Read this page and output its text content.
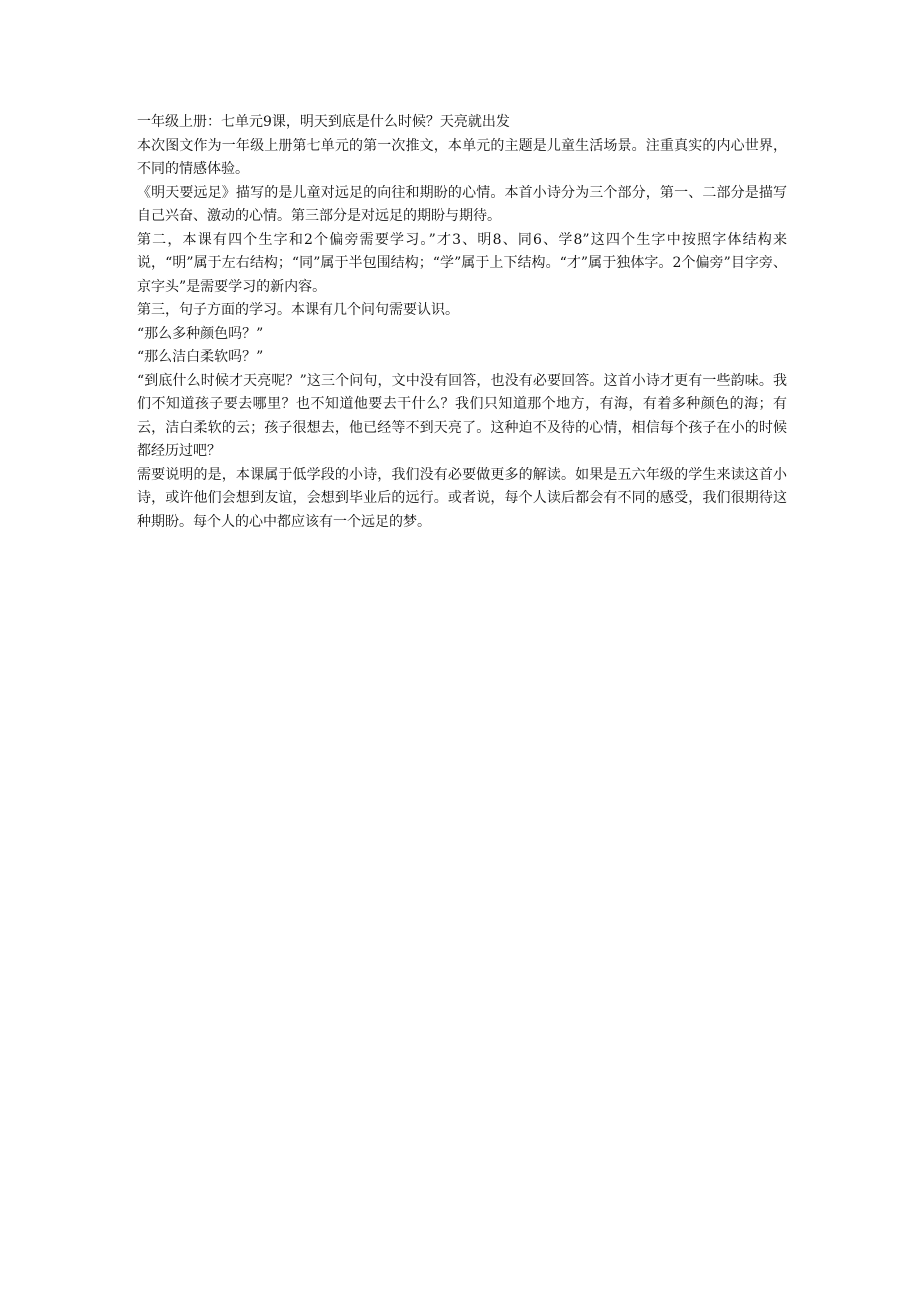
一年级上册：七单元9课，明天到底是什么时候？天亮就出发

本次图文作为一年级上册第七单元的第一次推文，本单元的主题是儿童生活场景。注重真实的内心世界，不同的情感体验。

《明天要远足》描写的是儿童对远足的向往和期盼的心情。本首小诗分为三个部分，第一、二部分是描写自己兴奋、激动的心情。第三部分是对远足的期盼与期待。

第二，本课有四个生字和2个偏旁需要学习。”才3、明8、同6、学8”这四个生字中按照字体结构来说，“明”属于左右结构；“同”属于半包围结构；“学”属于上下结构。“才”属于独体字。2个偏旁”目字旁、京字头”是需要学习的新内容。

第三，句子方面的学习。本课有几个问句需要认识。

“那么多种颜色吗？”

“那么洁白柔软吗？”

“到底什么时候才天亮呢？”这三个问句，文中没有回答，也没有必要回答。这首小诗才更有一些韵味。我们不知道孩子要去哪里？也不知道他要去干什么？我们只知道那个地方，有海，有着多种颜色的海；有云，洁白柔软的云；孩子很想去，他已经等不到天亮了。这种迫不及待的心情，相信每个孩子在小的时候都经历过吧？

需要说明的是，本课属于低学段的小诗，我们没有必要做更多的解读。如果是五六年级的学生来读这首小诗，或许他们会想到友谊，会想到毕业后的远行。或者说，每个人读后都会有不同的感受，我们很期待这种期盼。每个人的心中都应该有一个远足的梦。
